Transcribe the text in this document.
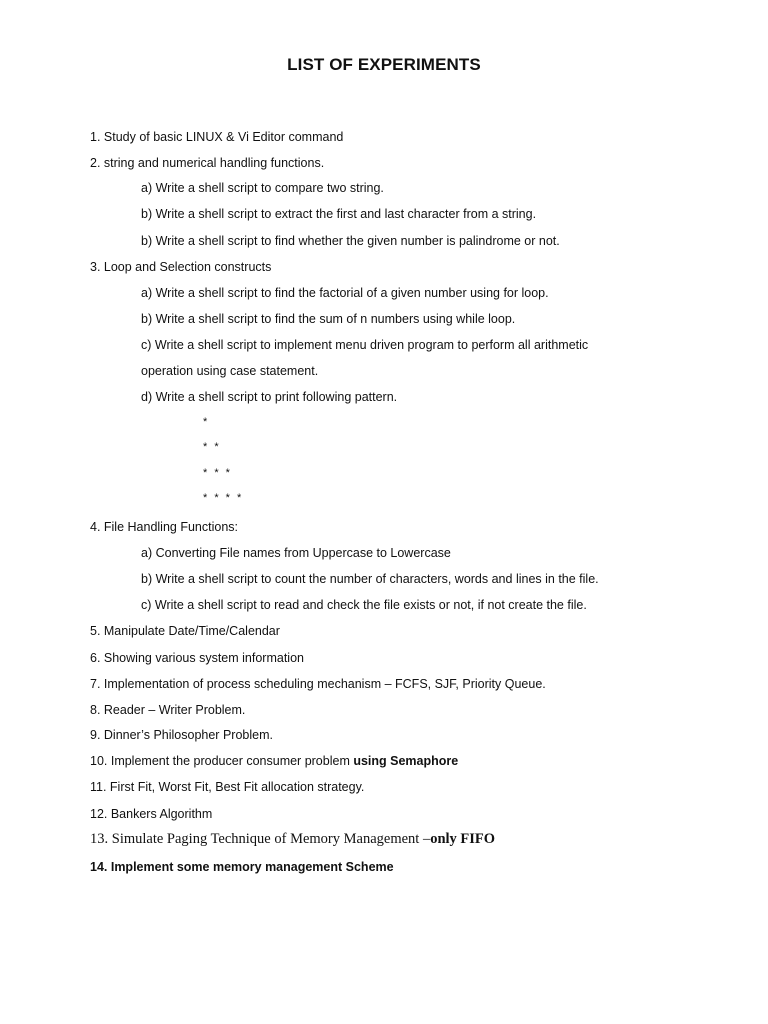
LIST OF EXPERIMENTS
1. Study of basic LINUX & Vi Editor command
2. string and numerical handling functions.
a) Write a shell script to compare two string.
b) Write a shell script to extract the first and last character from a string.
b) Write a shell script to find whether the given number is palindrome or not.
3. Loop and Selection constructs
a) Write a shell script to find the factorial of a given number using for loop.
b) Write a shell script to find the sum of n numbers using while loop.
c) Write a shell script to implement menu driven program to perform all arithmetic
operation using case statement.
d) Write a shell script to print following pattern.
*
* *
* * *
* * * *
4. File Handling Functions:
a) Converting File names from Uppercase to Lowercase
b) Write a shell script to count the number of characters, words and lines in the file.
c) Write a shell script to read and check the file exists or not, if not create the file.
5. Manipulate Date/Time/Calendar
6. Showing various system information
7. Implementation of process scheduling mechanism – FCFS, SJF, Priority Queue.
8. Reader – Writer Problem.
9. Dinner’s Philosopher Problem.
10. Implement the producer consumer problem using Semaphore
11. First Fit, Worst Fit, Best Fit allocation strategy.
12. Bankers Algorithm
13. Simulate Paging Technique of Memory Management –only FIFO
14. Implement some memory management Scheme
